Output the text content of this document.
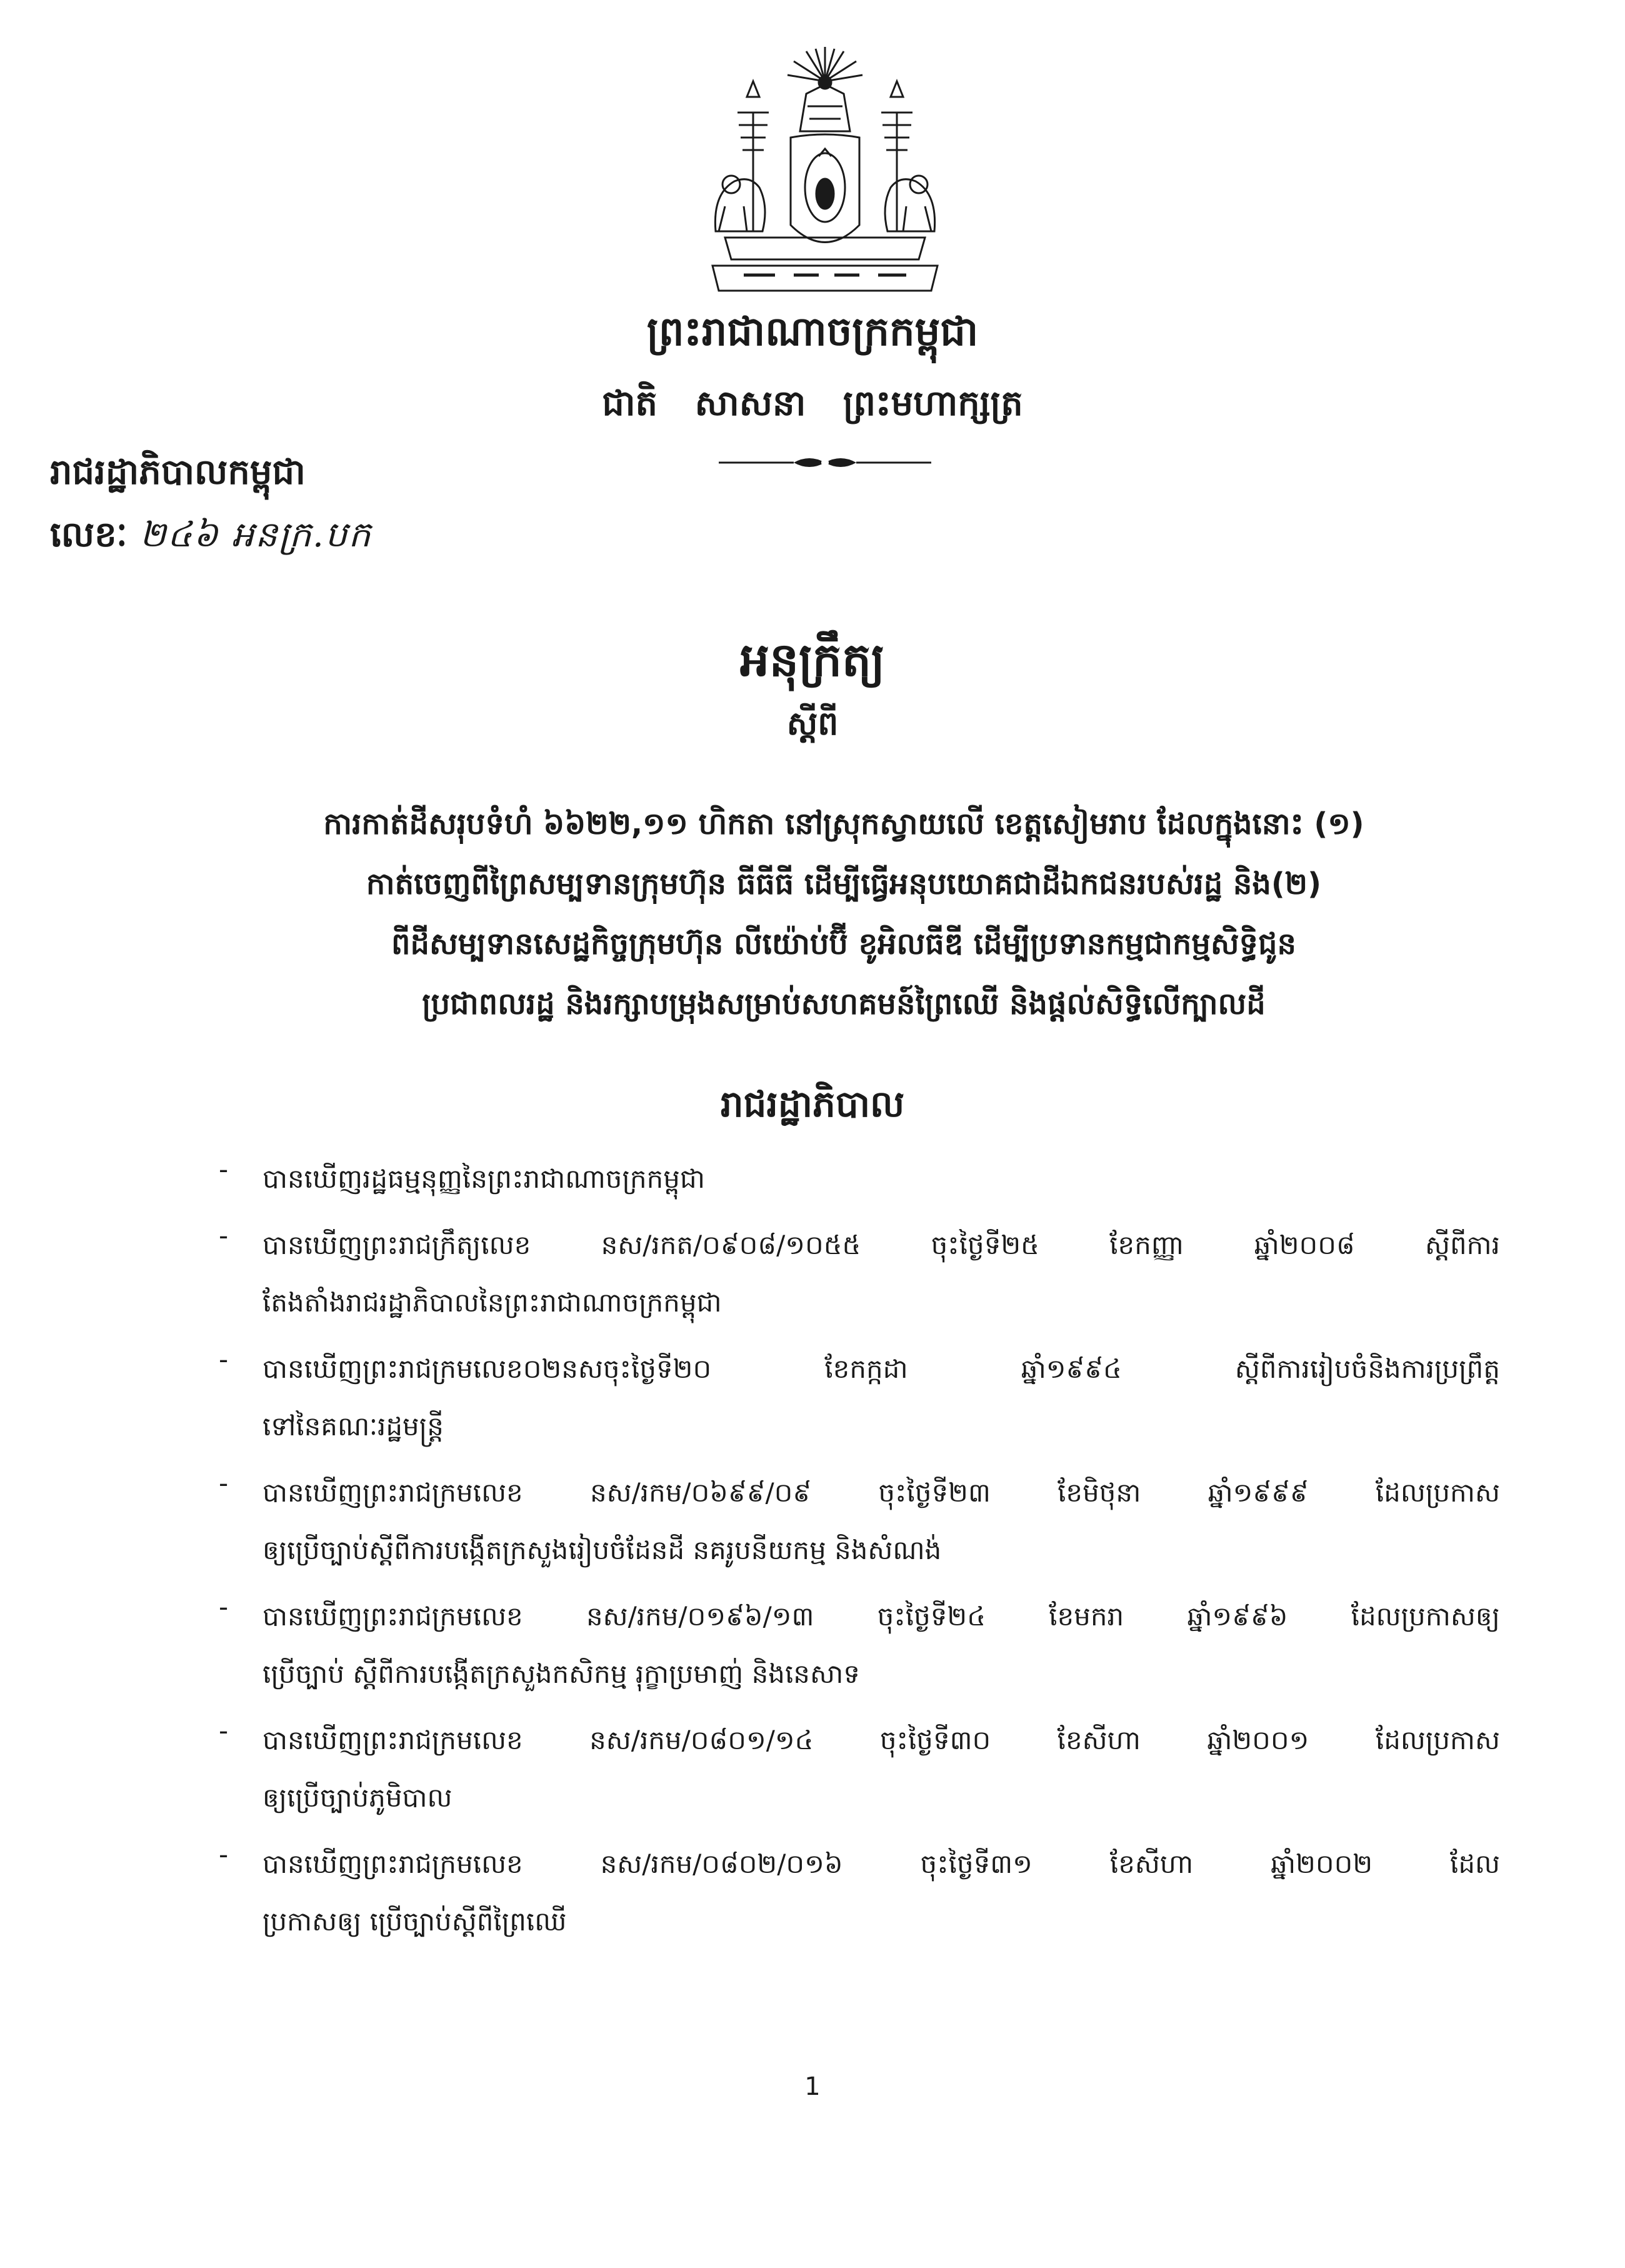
ព្រះរាជាណាចក្រកម្ពុជា
ជាតិ សាសនា ព្រះមហាក្សត្រ
រាជរដ្ឋាភិបាលកម្ពុជា
លេខៈ ២៤៦ អនក្រ.បក
អនុក្រឹត្យ
ស្តីពី
ការកាត់ដីសរុបទំហំ ៦៦២២,១១ ហិកតា នៅស្រុកស្វាយលើ ខេត្តសៀមរាប ដែលក្នុងនោះ (១)
កាត់ចេញពីព្រៃសម្បទានក្រុមហ៊ុន ធីធីធី ដើម្បីធ្វើអនុបយោគជាដីឯកជនរបស់រដ្ឋ និង(២)
ពីដីសម្បទានសេដ្ឋកិច្ចក្រុមហ៊ុន លីយ៉ោប់ប៊ី ខូអិលធីឌី ដើម្បីប្រទានកម្មជាកម្មសិទ្ធិជូន
ប្រជាពលរដ្ឋ និងរក្សាបម្រុងសម្រាប់សហគមន៍ព្រៃឈើ និងផ្តល់សិទ្ធិលើក្បាលដី
រាជរដ្ឋាភិបាល
- បានឃើញរដ្ឋធម្មនុញ្ញនៃព្រះរាជាណាចក្រកម្ពុជា
- បានឃើញព្រះរាជក្រឹត្យលេខ នស/រកត/០៩០៨/១០៥៥ ចុះថ្ងៃទី២៥ ខែកញ្ញា ឆ្នាំ២០០៨ ស្តីពីការ
តែងតាំងរាជរដ្ឋាភិបាលនៃព្រះរាជាណាចក្រកម្ពុជា
- បានឃើញព្រះរាជក្រមលេខ០២នសចុះថ្ងៃទី២០ ខែកក្កដា ឆ្នាំ១៩៩៤ ស្តីពីការរៀបចំនិងការប្រព្រឹត្ត
ទៅនៃគណៈរដ្ឋមន្ត្រី
- បានឃើញព្រះរាជក្រមលេខ នស/រកម/០៦៩៩/០៩ ចុះថ្ងៃទី២៣ ខែមិថុនា ឆ្នាំ១៩៩៩ ដែលប្រកាស
ឲ្យប្រើច្បាប់ស្តីពីការបង្កើតក្រសួងរៀបចំដែនដី នគរូបនីយកម្ម និងសំណង់
- បានឃើញព្រះរាជក្រមលេខ នស/រកម/០១៩៦/១៣ ចុះថ្ងៃទី២៤ ខែមករា ឆ្នាំ១៩៩៦ ដែលប្រកាសឲ្យ
ប្រើច្បាប់ ស្តីពីការបង្កើតក្រសួងកសិកម្ម រុក្ខាប្រមាញ់ និងនេសាទ
- បានឃើញព្រះរាជក្រមលេខ នស/រកម/០៨០១/១៤ ចុះថ្ងៃទី៣០ ខែសីហា ឆ្នាំ២០០១ ដែលប្រកាស
ឲ្យប្រើច្បាប់ភូមិបាល
- បានឃើញព្រះរាជក្រមលេខ នស/រកម/០៨០២/០១៦ ចុះថ្ងៃទី៣១ ខែសីហា ឆ្នាំ២០០២ ដែល
ប្រកាសឲ្យ ប្រើច្បាប់ស្តីពីព្រៃឈើ
1
